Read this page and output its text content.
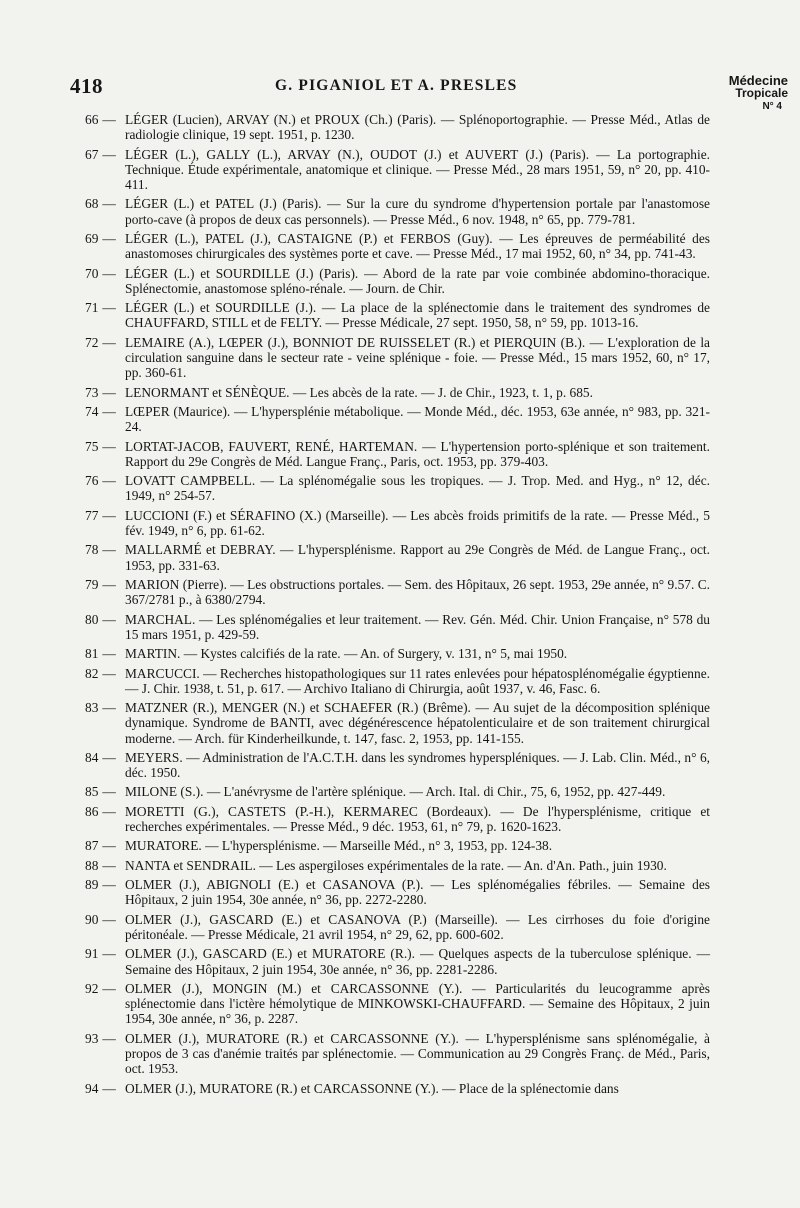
418	G. PIGANIOL ET A. PRESLES	Médecine
Tropicale
N° 4
66 — LÉGER (Lucien), ARVAY (N.) et PROUX (Ch.) (Paris). — Splénoportographie. — Presse Méd., Atlas de radiologie clinique, 19 sept. 1951, p. 1230.
67 — LÉGER (L.), GALLY (L.), ARVAY (N.), OUDOT (J.) et AUVERT (J.) (Paris). — La portographie. Technique. Étude expérimentale, anatomique et clinique. — Presse Méd., 28 mars 1951, 59, n° 20, pp. 410-411.
68 — LÉGER (L.) et PATEL (J.) (Paris). — Sur la cure du syndrome d'hypertension portale par l'anastomose porto-cave (à propos de deux cas personnels). — Presse Méd., 6 nov. 1948, n° 65, pp. 779-781.
69 — LÉGER (L.), PATEL (J.), CASTAIGNE (P.) et FERBOS (Guy). — Les épreuves de perméabilité des anastomoses chirurgicales des systèmes porte et cave. — Presse Méd., 17 mai 1952, 60, n° 34, pp. 741-43.
70 — LÉGER (L.) et SOURDILLE (J.) (Paris). — Abord de la rate par voie combinée abdomino-thoracique. Splénectomie, anastomose spléno-rénale. — Journ. de Chir.
71 — LÉGER (L.) et SOURDILLE (J.). — La place de la splénectomie dans le traitement des syndromes de CHAUFFARD, STILL et de FELTY. — Presse Médicale, 27 sept. 1950, 58, n° 59, pp. 1013-16.
72 — LEMAIRE (A.), LŒPER (J.), BONNIOT DE RUISSELET (R.) et PIERQUIN (B.). — L'exploration de la circulation sanguine dans le secteur rate - veine splénique - foie. — Presse Méd., 15 mars 1952, 60, n° 17, pp. 360-61.
73 — LENORMANT et SÉNÈQUE. — Les abcès de la rate. — J. de Chir., 1923, t. 1, p. 685.
74 — LŒPER (Maurice). — L'hypersplénie métabolique. — Monde Méd., déc. 1953, 63e année, n° 983, pp. 321-24.
75 — LORTAT-JACOB, FAUVERT, RENÉ, HARTEMAN. — L'hypertension porto-splénique et son traitement. Rapport du 29e Congrès de Méd. Langue Franç., Paris, oct. 1953, pp. 379-403.
76 — LOVATT CAMPBELL. — La splénomégalie sous les tropiques. — J. Trop. Med. and Hyg., n° 12, déc. 1949, n° 254-57.
77 — LUCCIONI (F.) et SÉRAFINO (X.) (Marseille). — Les abcès froids primitifs de la rate. — Presse Méd., 5 fév. 1949, n° 6, pp. 61-62.
78 — MALLARMÉ et DEBRAY. — L'hypersplénisme. Rapport au 29e Congrès de Méd. de Langue Franç., oct. 1953, pp. 331-63.
79 — MARION (Pierre). — Les obstructions portales. — Sem. des Hôpitaux, 26 sept. 1953, 29e année, n° 9.57. C. 367/2781 p., à 6380/2794.
80 — MARCHAL. — Les splénomégalies et leur traitement. — Rev. Gén. Méd. Chir. Union Française, n° 578 du 15 mars 1951, p. 429-59.
81 — MARTIN. — Kystes calcifiés de la rate. — An. of Surgery, v. 131, n° 5, mai 1950.
82 — MARCUCCI. — Recherches histopathologiques sur 11 rates enlevées pour hépatosplénomégalie égyptienne. — J. Chir. 1938, t. 51, p. 617. — Archivo Italiano di Chirurgia, août 1937, v. 46, Fasc. 6.
83 — MATZNER (R.), MENGER (N.) et SCHAEFER (R.) (Brême). — Au sujet de la décomposition splénique dynamique. Syndrome de BANTI, avec dégénérescence hépatolenticulaire et de son traitement chirurgical moderne. — Arch. für Kinderheilkunde, t. 147, fasc. 2, 1953, pp. 141-155.
84 — MEYERS. — Administration de l'A.C.T.H. dans les syndromes hyperspléniques. — J. Lab. Clin. Méd., n° 6, déc. 1950.
85 — MILONE (S.). — L'anévrysme de l'artère splénique. — Arch. Ital. di Chir., 75, 6, 1952, pp. 427-449.
86 — MORETTI (G.), CASTETS (P.-H.), KERMAREC (Bordeaux). — De l'hypersplénisme, critique et recherches expérimentales. — Presse Méd., 9 déc. 1953, 61, n° 79, p. 1620-1623.
87 — MURATORE. — L'hypersplénisme. — Marseille Méd., n° 3, 1953, pp. 124-38.
88 — NANTA et SENDRAIL. — Les aspergiloses expérimentales de la rate. — An. d'An. Path., juin 1930.
89 — OLMER (J.), ABIGNOLI (E.) et CASANOVA (P.). — Les splénomégalies fébriles. — Semaine des Hôpitaux, 2 juin 1954, 30e année, n° 36, pp. 2272-2280.
90 — OLMER (J.), GASCARD (E.) et CASANOVA (P.) (Marseille). — Les cirrhoses du foie d'origine péritonéale. — Presse Médicale, 21 avril 1954, n° 29, 62, pp. 600-602.
91 — OLMER (J.), GASCARD (E.) et MURATORE (R.). — Quelques aspects de la tuberculose splénique. — Semaine des Hôpitaux, 2 juin 1954, 30e année, n° 36, pp. 2281-2286.
92 — OLMER (J.), MONGIN (M.) et CARCASSONNE (Y.). — Particularités du leucogramme après splénectomie dans l'ictère hémolytique de MINKOWSKI-CHAUFFARD. — Semaine des Hôpitaux, 2 juin 1954, 30e année, n° 36, p. 2287.
93 — OLMER (J.), MURATORE (R.) et CARCASSONNE (Y.). — L'hypersplénisme sans splénomégalie, à propos de 3 cas d'anémie traités par splénectomie. — Communication au 29 Congrès Franç. de Méd., Paris, oct. 1953.
94 — OLMER (J.), MURATORE (R.) et CARCASSONNE (Y.). — Place de la splénectomie dans
